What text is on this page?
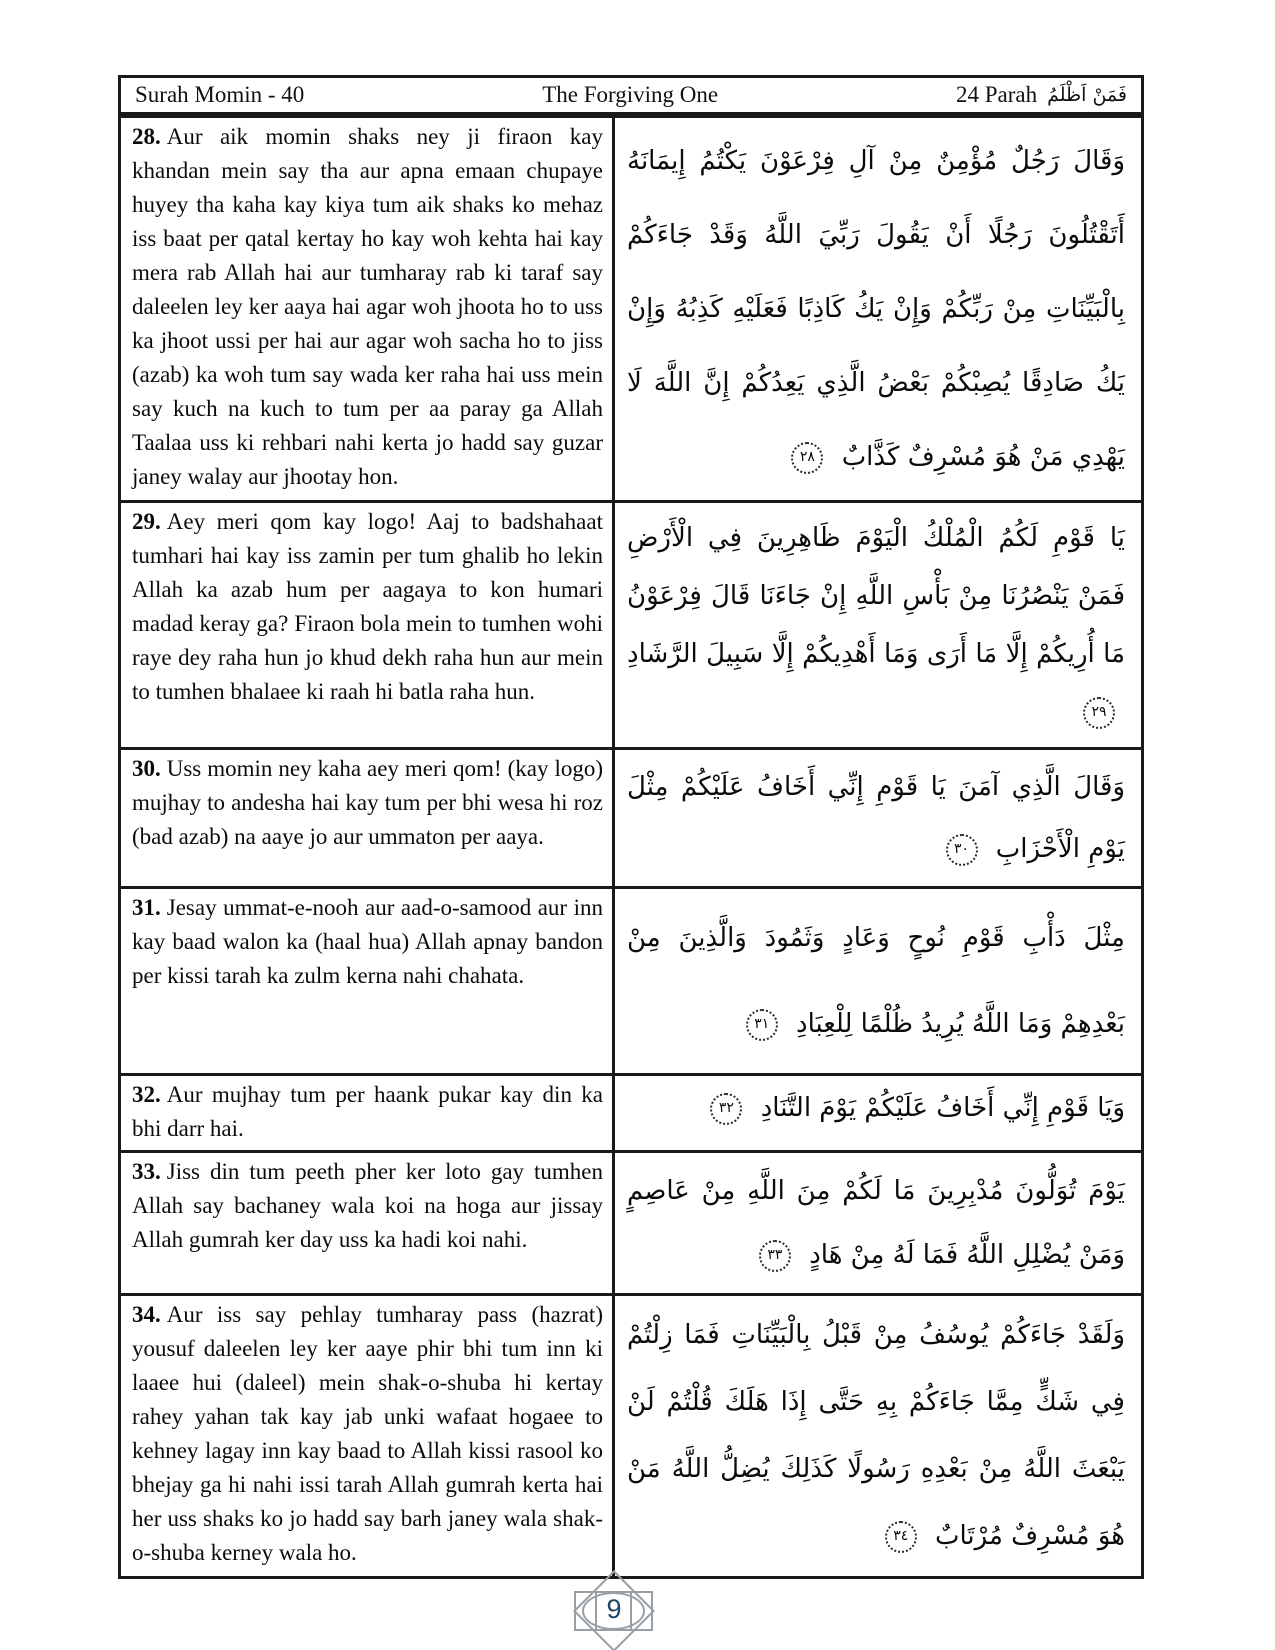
Surah Momin - 40	The Forgiving One	24 Parah فَمَنْ اَظْلَمُ
28. Aur aik momin shaks ney ji firaon kay khandan mein say tha aur apna emaan chupaye huyey tha kaha kay kiya tum aik shaks ko mehaz iss baat per qatal kertay ho kay woh kehta hai kay mera rab Allah hai aur tumharay rab ki taraf say daleelen ley ker aaya hai agar woh jhoota ho to uss ka jhoot ussi per hai aur agar woh sacha ho to jiss (azab) ka woh tum say wada ker raha hai uss mein say kuch na kuch to tum per aa paray ga Allah Taalaa uss ki rehbari nahi kerta jo hadd say guzar janey walay aur jhootay hon.
وَقَالَ رَجُلٌ مُؤْمِنٌ مِنْ آلِ فِرْعَوْنَ يَكْتُمُ إِيمَانَهُ أَتَقْتُلُونَ رَجُلًا أَنْ يَقُولَ رَبِّيَ اللَّهُ وَقَدْ جَاءَكُمْ بِالْبَيِّنَاتِ مِنْ رَبِّكُمْ وَإِنْ يَكُ كَاذِبًا فَعَلَيْهِ كَذِبُهُ وَإِنْ يَكُ صَادِقًا يُصِبْكُمْ بَعْضُ الَّذِي يَعِدُكُمْ إِنَّ اللَّهَ لَا يَهْدِي مَنْ هُوَ مُسْرِفٌ كَذَّابٌ ٢٨
29. Aey meri qom kay logo! Aaj to badshahaat tumhari hai kay iss zamin per tum ghalib ho lekin Allah ka azab hum per aagaya to kon humari madad keray ga? Firaon bola mein to tumhen wohi raye dey raha hun jo khud dekh raha hun aur mein to tumhen bhalaee ki raah hi batla raha hun.
يَا قَوْمِ لَكُمُ الْمُلْكُ الْيَوْمَ ظَاهِرِينَ فِي الْأَرْضِ فَمَنْ يَنْصُرُنَا مِنْ بَأْسِ اللَّهِ إِنْ جَاءَنَا قَالَ فِرْعَوْنُ مَا أُرِيكُمْ إِلَّا مَا أَرَى وَمَا أَهْدِيكُمْ إِلَّا سَبِيلَ الرَّشَادِ ٢٩
30. Uss momin ney kaha aey meri qom! (kay logo) mujhay to andesha hai kay tum per bhi wesa hi roz (bad azab) na aaye jo aur ummaton per aaya.
وَقَالَ الَّذِي آمَنَ يَا قَوْمِ إِنِّي أَخَافُ عَلَيْكُمْ مِثْلَ يَوْمِ الْأَحْزَابِ ٣٠
31. Jesay ummat-e-nooh aur aad-o-samood aur inn kay baad walon ka (haal hua) Allah apnay bandon per kissi tarah ka zulm kerna nahi chahata.
مِثْلَ دَأْبِ قَوْمِ نُوحٍ وَعَادٍ وَثَمُودَ وَالَّذِينَ مِنْ بَعْدِهِمْ وَمَا اللَّهُ يُرِيدُ ظُلْمًا لِلْعِبَادِ ٣١
32. Aur mujhay tum per haank pukar kay din ka bhi darr hai.
وَيَا قَوْمِ إِنِّي أَخَافُ عَلَيْكُمْ يَوْمَ التَّنَادِ ٣٢
33. Jiss din tum peeth pher ker loto gay tumhen Allah say bachaney wala koi na hoga aur jissay Allah gumrah ker day uss ka hadi koi nahi.
يَوْمَ تُوَلُّونَ مُدْبِرِينَ مَا لَكُمْ مِنَ اللَّهِ مِنْ عَاصِمٍ وَمَنْ يُضْلِلِ اللَّهُ فَمَا لَهُ مِنْ هَادٍ ٣٣
34. Aur iss say pehlay tumharay pass (hazrat) yousuf daleelen ley ker aaye phir bhi tum inn ki laaee hui (daleel) mein shak-o-shuba hi kertay rahey yahan tak kay jab unki wafaat hogaee to kehney lagay inn kay baad to Allah kissi rasool ko bhejay ga hi nahi issi tarah Allah gumrah kerta hai her uss shaks ko jo hadd say barh janey wala shak-o-shuba kerney wala ho.
وَلَقَدْ جَاءَكُمْ يُوسُفُ مِنْ قَبْلُ بِالْبَيِّنَاتِ فَمَا زِلْتُمْ فِي شَكٍّ مِمَّا جَاءَكُمْ بِهِ حَتَّى إِذَا هَلَكَ قُلْتُمْ لَنْ يَبْعَثَ اللَّهُ مِنْ بَعْدِهِ رَسُولًا كَذَلِكَ يُضِلُّ اللَّهُ مَنْ هُوَ مُسْرِفٌ مُرْتَابٌ ٣٤
9
